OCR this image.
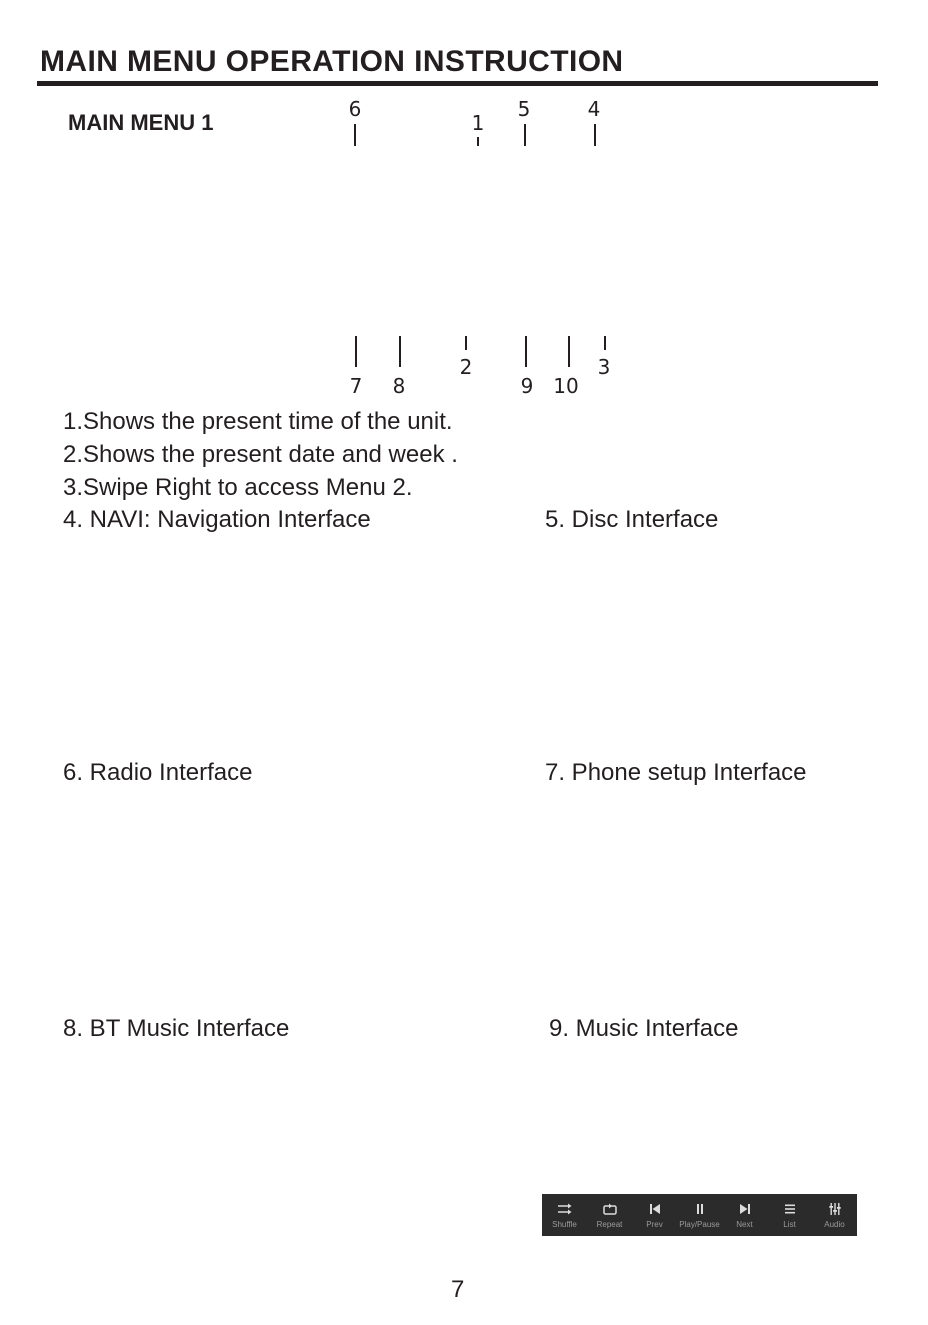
MAIN MENU OPERATION INSTRUCTION
MAIN MENU 1
6
1
5	4
7 8
2
9 10
3
1.Shows the present time of the unit.
2.Shows the present date and week .
3.Swipe Right to access Menu 2.
4. NAVI: Navigation Interface	5. Disc Interface
6. Radio Interface	7. Phone setup Interface
8. BT Music Interface	9. Music Interface
Shuffle Repeat	Prev Play/Pause Next	List	Audio
7
